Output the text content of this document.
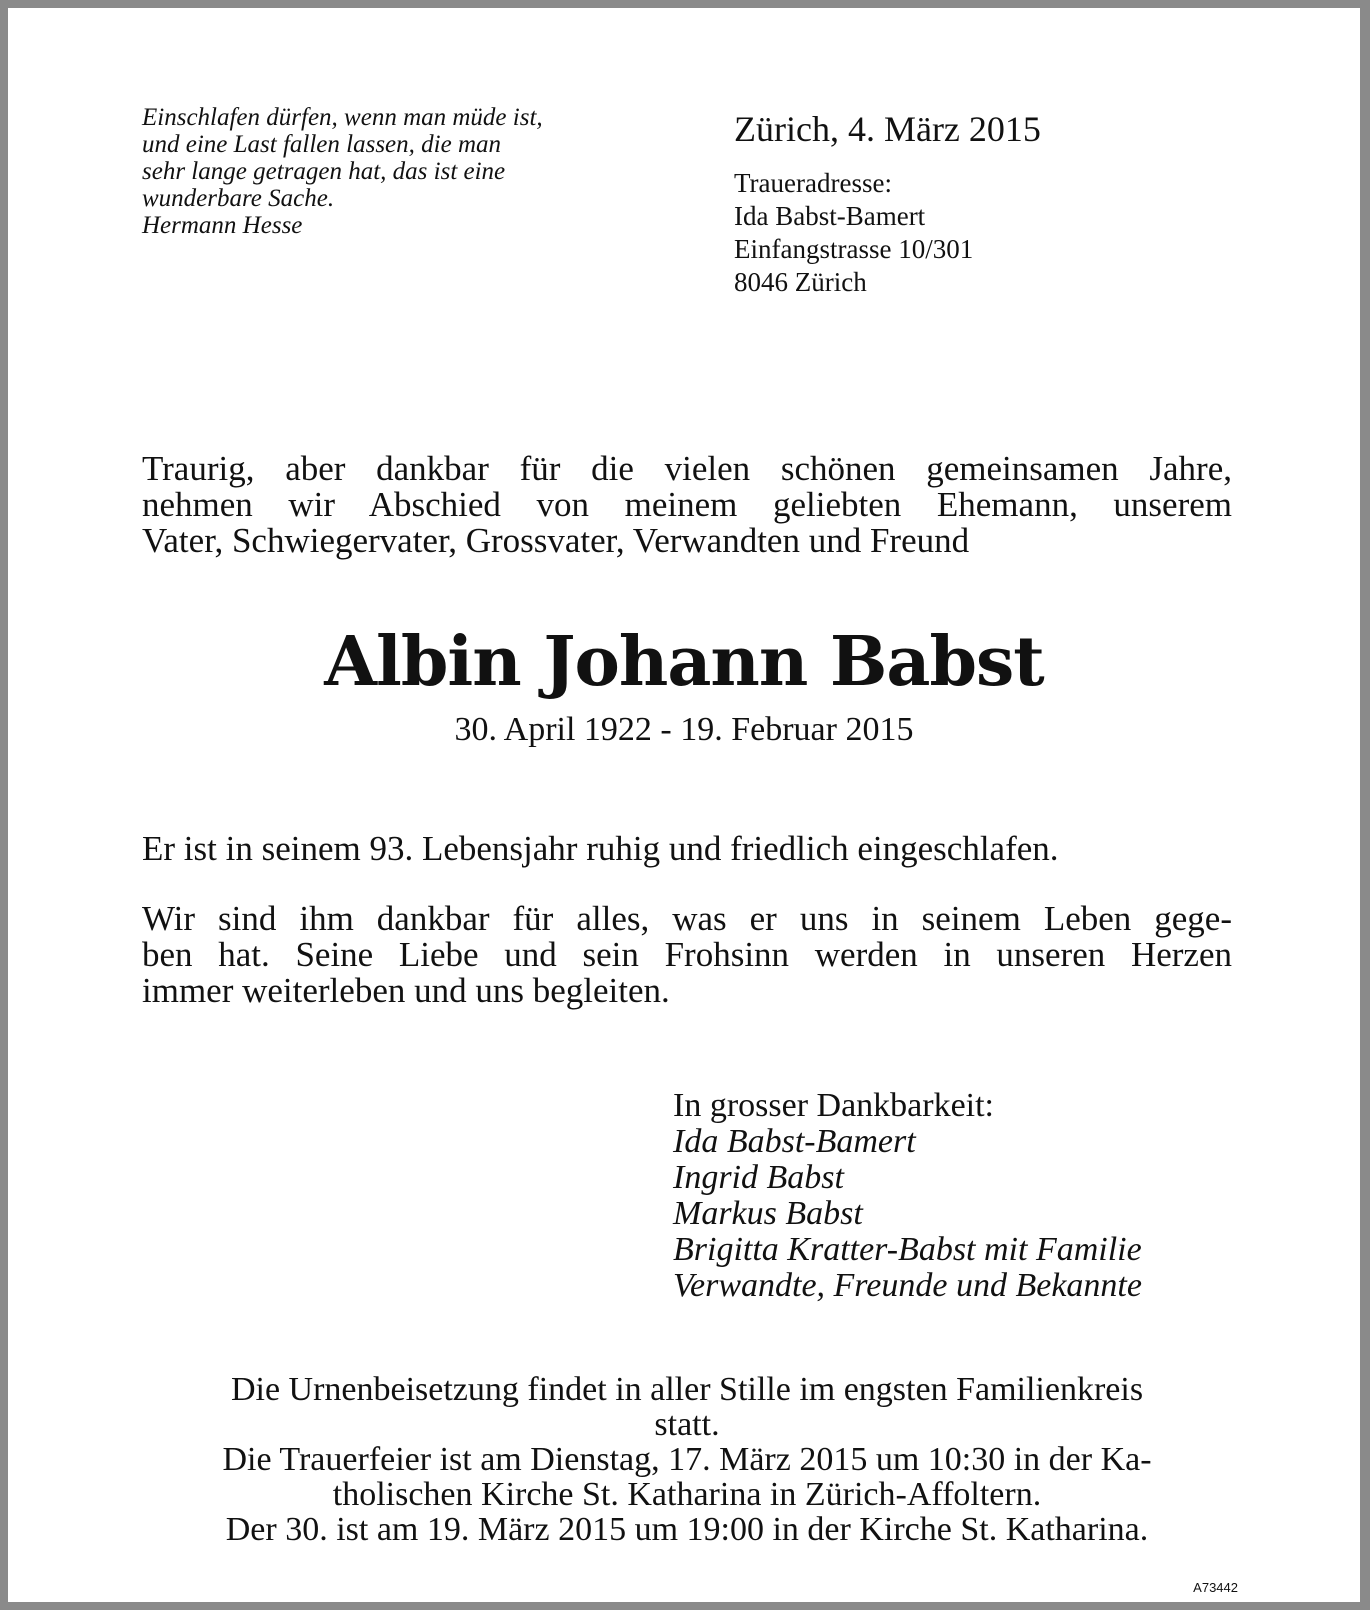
Einschlafen dürfen, wenn man müde ist,
und eine Last fallen lassen, die man
sehr lange getragen hat, das ist eine
wunderbare Sache.
Hermann Hesse
Zürich, 4. März 2015
Traueradresse:
Ida Babst-Bamert
Einfangstrasse 10/301
8046 Zürich
Traurig, aber dankbar für die vielen schönen gemeinsamen Jahre,
nehmen wir Abschied von meinem geliebten Ehemann, unserem
Vater, Schwiegervater, Grossvater, Verwandten und Freund
Albin Johann Babst
30. April 1922 - 19. Februar 2015
Er ist in seinem 93. Lebensjahr ruhig und friedlich eingeschlafen.
Wir sind ihm dankbar für alles, was er uns in seinem Leben gege-
ben hat. Seine Liebe und sein Frohsinn werden in unseren Herzen
immer weiterleben und uns begleiten.
In grosser Dankbarkeit:
Ida Babst-Bamert
Ingrid Babst
Markus Babst
Brigitta Kratter-Babst mit Familie
Verwandte, Freunde und Bekannte
Die Urnenbeisetzung findet in aller Stille im engsten Familienkreis
statt.
Die Trauerfeier ist am Dienstag, 17. März 2015 um 10:30 in der Ka-
tholischen Kirche St. Katharina in Zürich-Affoltern.
Der 30. ist am 19. März 2015 um 19:00 in der Kirche St. Katharina.
A73442
